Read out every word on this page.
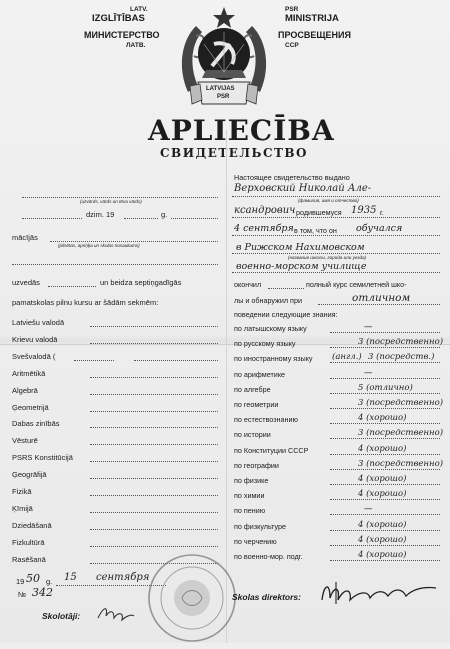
LATV.
IZGLĪTĪBAS
МИНИСТЕРСТВО
ЛАТВ.
PSR
MINISTRIJA
ПРОСВЕЩЕНИЯ
ССР
LATVIJAS
PSR
APLIECĪBA
СВИДЕТЕЛЬСТВО
(uzvārds, vārds un tēva vārds)
dzim. 19	g.
mācījās
(pilsētas, apriņķa un skolas nosaukums)
uzvedās	un beidza septiņgadīgās
pamatskolas pilnu kursu ar šādām sekmēm:
Latviešu valodā
Krievu valodā
Svešvalodā (
Aritmētikā
Algebrā
Ģeometrijā
Dabas zinībās
Vēsturē
PSRS Konstitūcijā
Ģeogrāfijā
Fizikā
Ķīmijā
Dziedāšanā
Fizkultūrā
Rasēšanā
19 50 g. 15 сентября
№ 342
Skolotāji:
Настоящее свидетельство выдано
Верховский Николай Але-
(фамилия, имя и отчество)
ксандрович родившемуся 1935 г.
4 сентября в том, что он обучался
в Рижском Нахимовском
(название школы, города или уезда)
военно-морском училище
окончил	полный курс семилетней шко-
лы и обнаружил при	отличном
поведении следующие знания:
по латышскому языку	—
по русскому языку	3 (посредственно)
по иностранному языку (англ.) 3 (посредств.)
по арифметике	—
по алгебре	5 (отлично)
по геометрии	3 (посредственно)
по естествознанию	4 (хорошо)
по истории	3 (посредственно)
по Конституции СССР	4 (хорошо)
по географии	3 (посредственно)
по физике	4 (хорошо)
по химии	4 (хорошо)
по пению	—
по физкультуре	4 (хорошо)
по черчению	4 (хорошо)
по военно-мор. подг.	4 (хорошо)
Skolas direktors:
